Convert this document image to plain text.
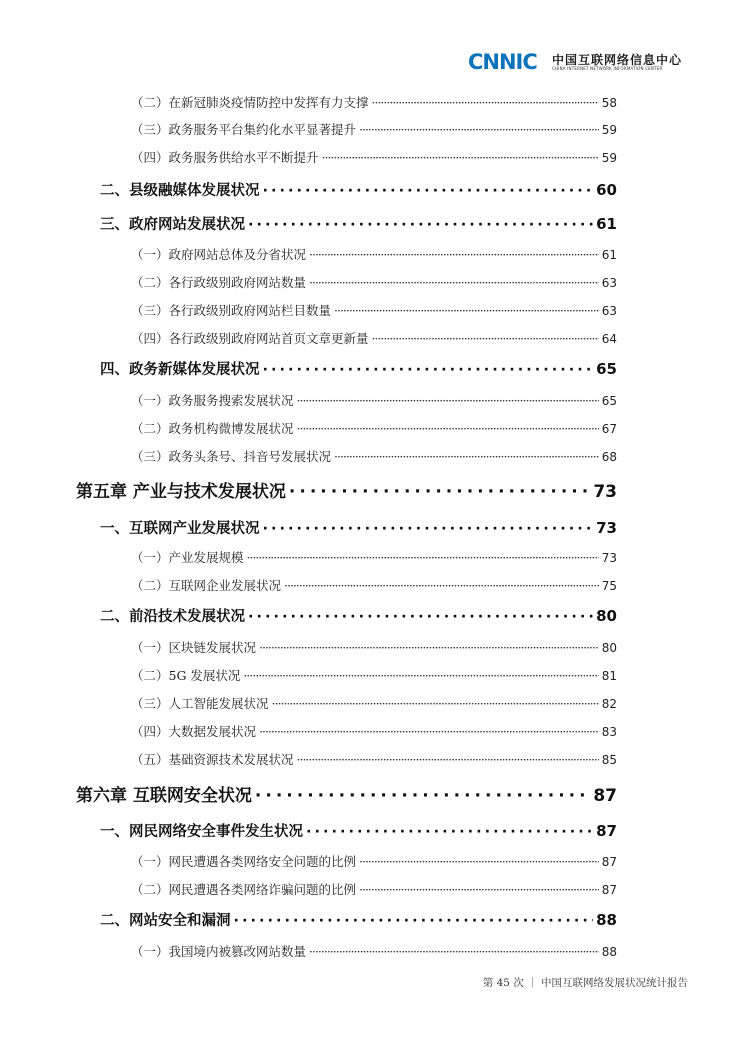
CNNIC 中国互联网络信息中心
CHINA INTERNET NETWORK INFORMATION CENTER
（二）在新冠肺炎疫情防控中发挥有力支撑 ·····	58
（三）政务服务平台集约化水平显著提升 ·····	59
（四）政务服务供给水平不断提升 ·····	59
二、县级融媒体发展状况 ·····	60
三、政府网站发展状况 ·····	61
（一）政府网站总体及分省状况 ·····	61
（二）各行政级别政府网站数量 ·····	63
（三）各行政级别政府网站栏目数量 ·····	63
（四）各行政级别政府网站首页文章更新量 ·····	64
四、政务新媒体发展状况 ·····	65
（一）政务服务搜索发展状况 ·····	65
（二）政务机构微博发展状况 ·····	67
（三）政务头条号、抖音号发展状况 ·····	68
第五章 产业与技术发展状况 ·····	73
一、互联网产业发展状况 ·····	73
（一）产业发展规模 ·····	73
（二）互联网企业发展状况 ·····	75
二、前沿技术发展状况 ·····	80
（一）区块链发展状况 ·····	80
（二）5G 发展状况 ·····	81
（三）人工智能发展状况 ·····	82
（四）大数据发展状况 ·····	83
（五）基础资源技术发展状况 ·····	85
第六章 互联网安全状况 ·····	87
一、网民网络安全事件发生状况 ·····	87
（一）网民遭遇各类网络安全问题的比例 ·····	87
（二）网民遭遇各类网络诈骗问题的比例 ·····	87
二、网站安全和漏洞 ·····	88
（一）我国境内被篡改网站数量 ·····	88
第 45 次 ｜ 中国互联网络发展状况统计报告
